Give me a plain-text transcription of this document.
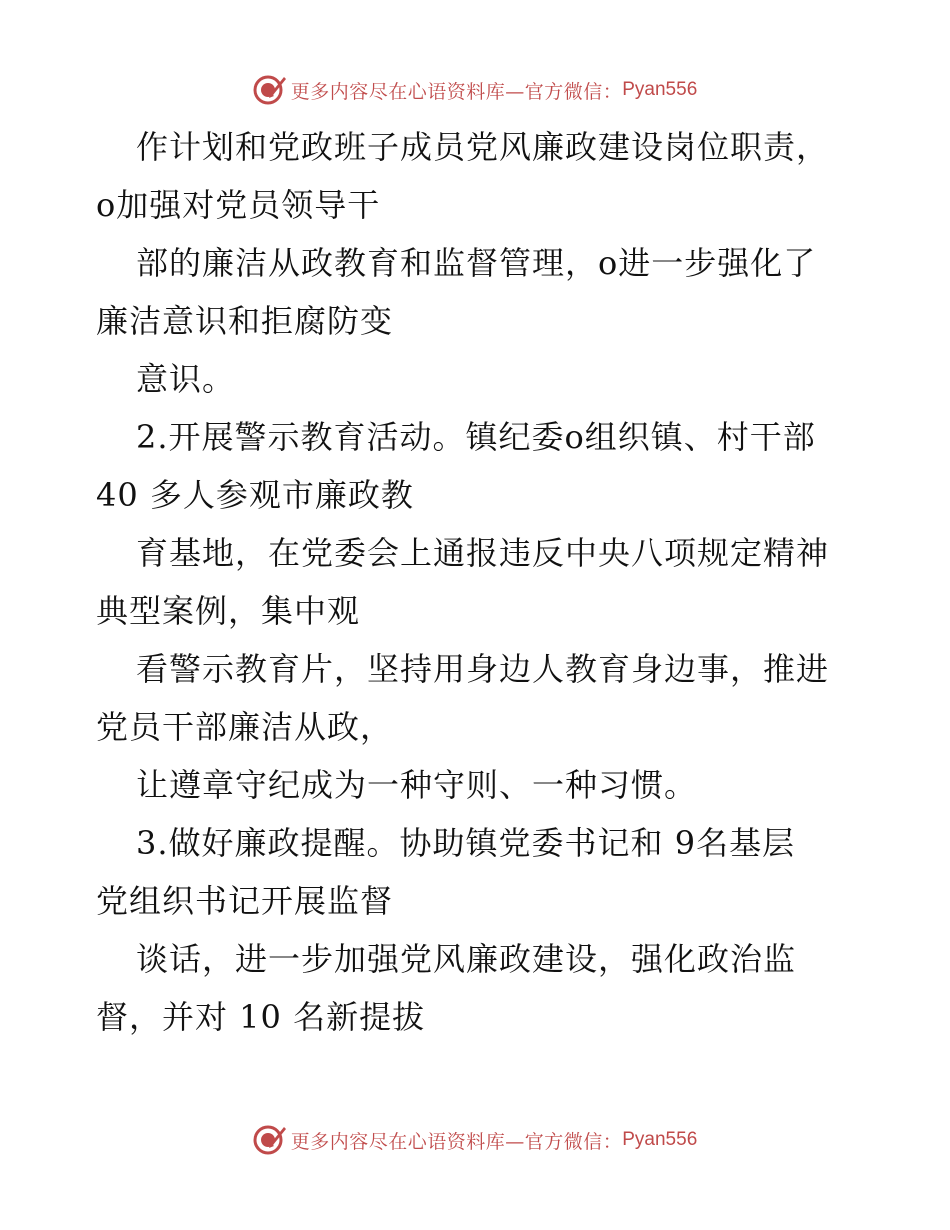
更多内容尽在心语资料库—官方微信： Pyan556
作计划和党政班子成员党风廉政建设岗位职责，
o加强对党员领导干
部的廉洁从政教育和监督管理，o进一步强化了
廉洁意识和拒腐防变
意识。
2.开展警示教育活动。镇纪委o组织镇、村干部
40 多人参观市廉政教
育基地，在党委会上通报违反中央八项规定精神
典型案例，集中观
看警示教育片，坚持用身边人教育身边事，推进
党员干部廉洁从政，
让遵章守纪成为一种守则、一种习惯。
3.做好廉政提醒。协助镇党委书记和 9名基层
党组织书记开展监督
谈话，进一步加强党风廉政建设，强化政治监
督，并对 10 名新提拔
更多内容尽在心语资料库—官方微信： Pyan556
